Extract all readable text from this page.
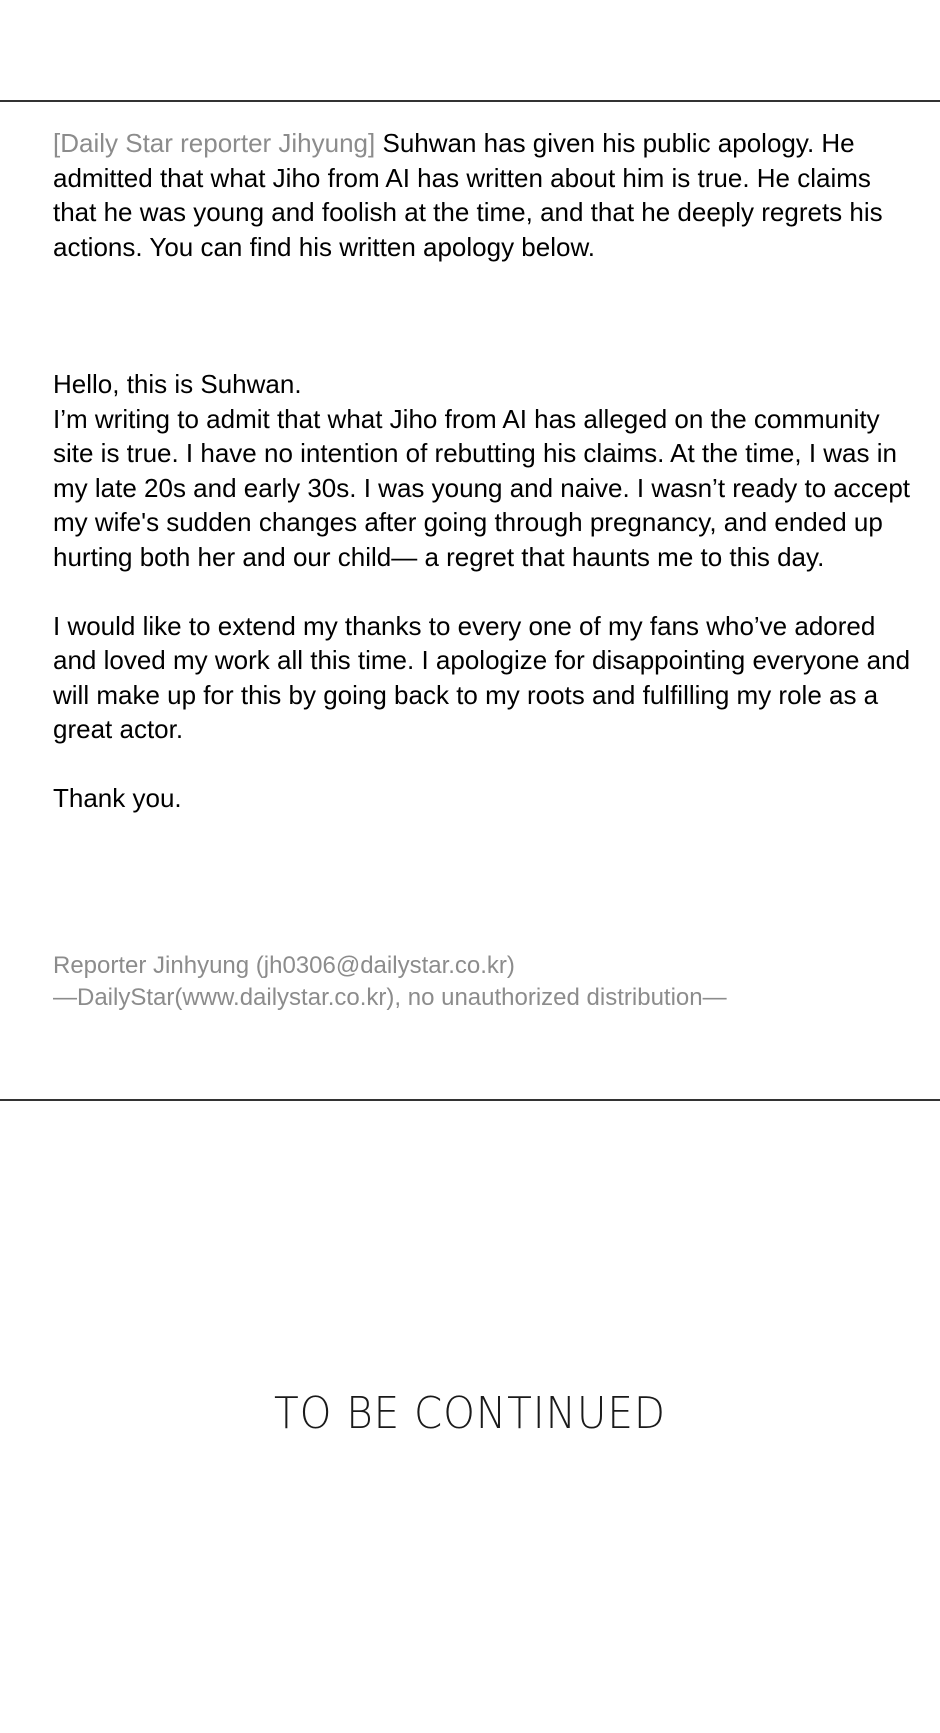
[Daily Star reporter Jihyung] Suhwan has given his public apology. He admitted that what Jiho from AI has written about him is true. He claims that he was young and foolish at the time, and that he deeply regrets his actions. You can find his written apology below.

Hello, this is Suhwan.

I’m writing to admit that what Jiho from AI has alleged on the community site is true. I have no intention of rebutting his claims. At the time, I was in my late 20s and early 30s. I was young and naive. I wasn’t ready to accept my wife's sudden changes after going through pregnancy, and ended up hurting both her and our child— a regret that haunts me to this day.

I would like to extend my thanks to every one of my fans who’ve adored and loved my work all this time. I apologize for disappointing everyone and will make up for this by going back to my roots and fulfilling my role as a great actor.

Thank you.

Reporter Jinhyung (jh0306@dailystar.co.kr)
—DailyStar(www.dailystar.co.kr), no unauthorized distribution—
TO BE CONTINUED
